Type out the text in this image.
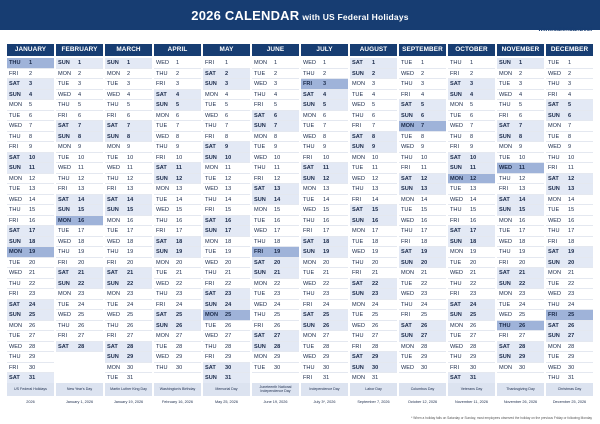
2026 CALENDAR with US Federal Holidays
www.calendar.best
JANUARY	FEBRUARY	MARCH	APRIL	MAY	JUNE	JULY	AUGUST	SEPTEMBER	OCTOBER	NOVEMBER	DECEMBER
THU	1
FRI	2
SAT	3
SUN	4
MON	5
TUE	6
WED	7
THU	8
FRI	9
SAT	10
SUN	11
MON	12
TUE	13
WED	14
THU	15
FRI	16
SAT	17
SUN	18
MON	19
TUE	20
WED	21
THU	22
FRI	23
SAT	24
SUN	25
MON	26
TUE	27
WED	28
THU	29
FRI	30
SAT	31
SUN	1
MON	2
TUE	3
WED	4
THU	5
FRI	6
SAT	7
SUN	8
MON	9
TUE	10
WED	11
THU	12
FRI	13
SAT	14
SUN	15
MON	16
TUE	17
WED	18
THU	19
FRI	20
SAT	21
SUN	22
MON	23
TUE	24
WED	25
THU	26
FRI	27
SAT	28
SUN	1
MON	2
TUE	3
WED	4
THU	5
FRI	6
SAT	7
SUN	8
MON	9
TUE	10
WED	11
THU	12
FRI	13
SAT	14
SUN	15
MON	16
TUE	17
WED	18
THU	19
FRI	20
SAT	21
SUN	22
MON	23
TUE	24
WED	25
THU	26
FRI	27
SAT	28
SUN	29
MON	30
TUE	31
WED	1
THU	2
FRI	3
SAT	4
SUN	5
MON	6
TUE	7
WED	8
THU	9
FRI	10
SAT	11
SUN	12
MON	13
TUE	14
WED	15
THU	16
FRI	17
SAT	18
SUN	19
MON	20
TUE	21
WED	22
THU	23
FRI	24
SAT	25
SUN	26
MON	27
TUE	28
WED	29
THU	30
FRI	1
SAT	2
SUN	3
MON	4
TUE	5
WED	6
THU	7
FRI	8
SAT	9
SUN	10
MON	11
TUE	12
WED	13
THU	14
FRI	15
SAT	16
SUN	17
MON	18
TUE	19
WED	20
THU	21
FRI	22
SAT	23
SUN	24
MON	25
TUE	26
WED	27
THU	28
FRI	29
SAT	30
SUN	31
MON	1
TUE	2
WED	3
THU	4
FRI	5
SAT	6
SUN	7
MON	8
TUE	9
WED	10
THU	11
FRI	12
SAT	13
SUN	14
MON	15
TUE	16
WED	17
THU	18
FRI	19
SAT	20
SUN	21
MON	22
TUE	23
WED	24
THU	25
FRI	26
SAT	27
SUN	28
MON	29
TUE	30
WED	1
THU	2
FRI	3
SAT	4
SUN	5
MON	6
TUE	7
WED	8
THU	9
FRI	10
SAT	11
SUN	12
MON	13
TUE	14
WED	15
THU	16
FRI	17
SAT	18
SUN	19
MON	20
TUE	21
WED	22
THU	23
FRI	24
SAT	25
SUN	26
MON	27
TUE	28
WED	29
THU	30
FRI	31
SAT	1
SUN	2
MON	3
TUE	4
WED	5
THU	6
FRI	7
SAT	8
SUN	9
MON	10
TUE	11
WED	12
THU	13
FRI	14
SAT	15
SUN	16
MON	17
TUE	18
WED	19
THU	20
FRI	21
SAT	22
SUN	23
MON	24
TUE	25
WED	26
THU	27
FRI	28
SAT	29
SUN	30
MON	31
TUE	1
WED	2
THU	3
FRI	4
SAT	5
SUN	6
MON	7
TUE	8
WED	9
THU	10
FRI	11
SAT	12
SUN	13
MON	14
TUE	15
WED	16
THU	17
FRI	18
SAT	19
SUN	20
MON	21
TUE	22
WED	23
THU	24
FRI	25
SAT	26
SUN	27
MON	28
TUE	29
WED	30
THU	1
FRI	2
SAT	3
SUN	4
MON	5
TUE	6
WED	7
THU	8
FRI	9
SAT	10
SUN	11
MON	12
TUE	13
WED	14
THU	15
FRI	16
SAT	17
SUN	18
MON	19
TUE	20
WED	21
THU	22
FRI	23
SAT	24
SUN	25
MON	26
TUE	27
WED	28
THU	29
FRI	30
SAT	31
SUN	1
MON	2
TUE	3
WED	4
THU	5
FRI	6
SAT	7
SUN	8
MON	9
TUE	10
WED	11
THU	12
FRI	13
SAT	14
SUN	15
MON	16
TUE	17
WED	18
THU	19
FRI	20
SAT	21
SUN	22
MON	23
TUE	24
WED	25
THU	26
FRI	27
SAT	28
SUN	29
MON	30
TUE	1
WED	2
THU	3
FRI	4
SAT	5
SUN	6
MON	7
TUE	8
WED	9
THU	10
FRI	11
SAT	12
SUN	13
MON	14
TUE	15
WED	16
THU	17
FRI	18
SAT	19
SUN	20
MON	21
TUE	22
WED	23
THU	24
FRI	25
SAT	26
SUN	27
MON	28
TUE	29
WED	30
THU	31
US Federal Holidays
2026
New Year's Day
January 1, 2026
Martin Luther King Day
January 19, 2026
Washington's Birthday
February 16, 2026
Memorial Day
May 25, 2026
Juneteenth National Independence Day
June 19, 2026
Independence Day
July 3*, 2026
Labor Day
September 7, 2026
Columbus Day
October 12, 2026
Veterans Day
November 11, 2026
Thanksgiving Day
November 26, 2026
Christmas Day
December 25, 2026
* When a holiday falls on Saturday or Sunday, most employees observed the holiday on the previous Friday or following Monday
